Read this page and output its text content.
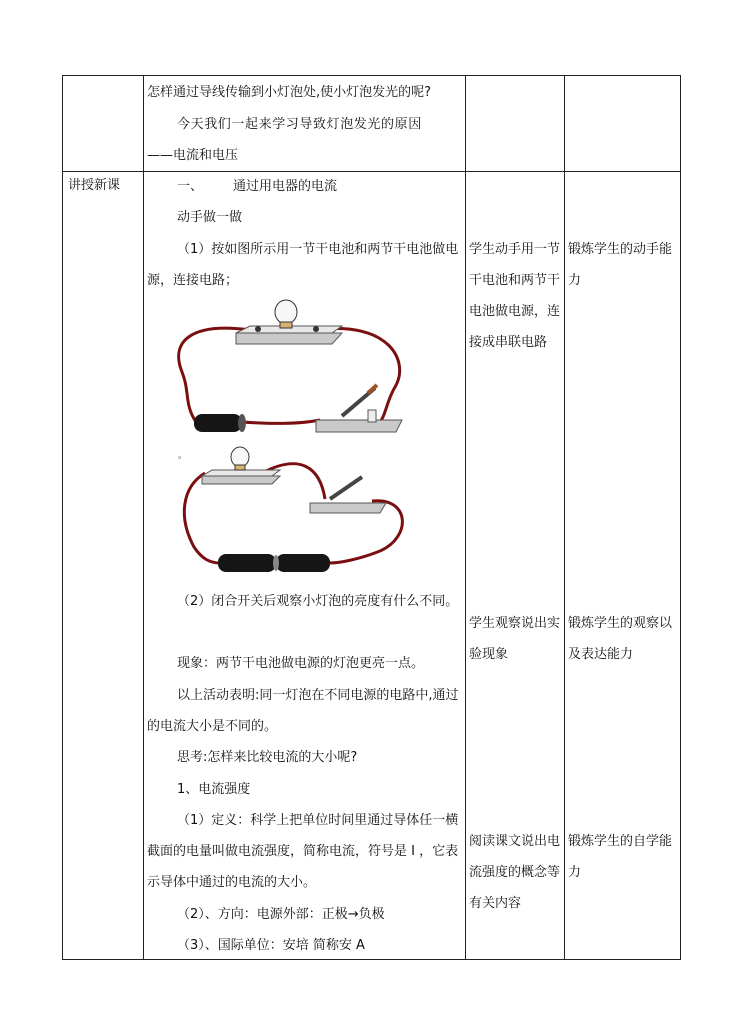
讲授新课
怎样通过导线传输到小灯泡处,使小灯泡发光的呢?
今天我们一起来学习导致灯泡发光的原因
——电流和电压
一、 通过用电器的电流
动手做一做
（1）按如图所示用一节干电池和两节干电池做电源，连接电路；
。
（2）闭合开关后观察小灯泡的亮度有什么不同。
现象：两节干电池做电源的灯泡更亮一点。
以上活动表明:同一灯泡在不同电源的电路中,通过的电流大小是不同的。
思考:怎样来比较电流的大小呢?
1、电流强度
（1）定义：科学上把单位时间里通过导体任一横截面的电量叫做电流强度，简称电流，符号是 I ，它表示导体中通过的电流的大小。
（2）、方向：电源外部：正极→负极
（3）、国际单位：安培 简称安 A
学生动手用一节干电池和两节干电池做电源，连接成串联电路
学生观察说出实验现象
阅读课文说出电流强度的概念等有关内容
锻炼学生的动手能力
锻炼学生的观察以及表达能力
锻炼学生的自学能力
